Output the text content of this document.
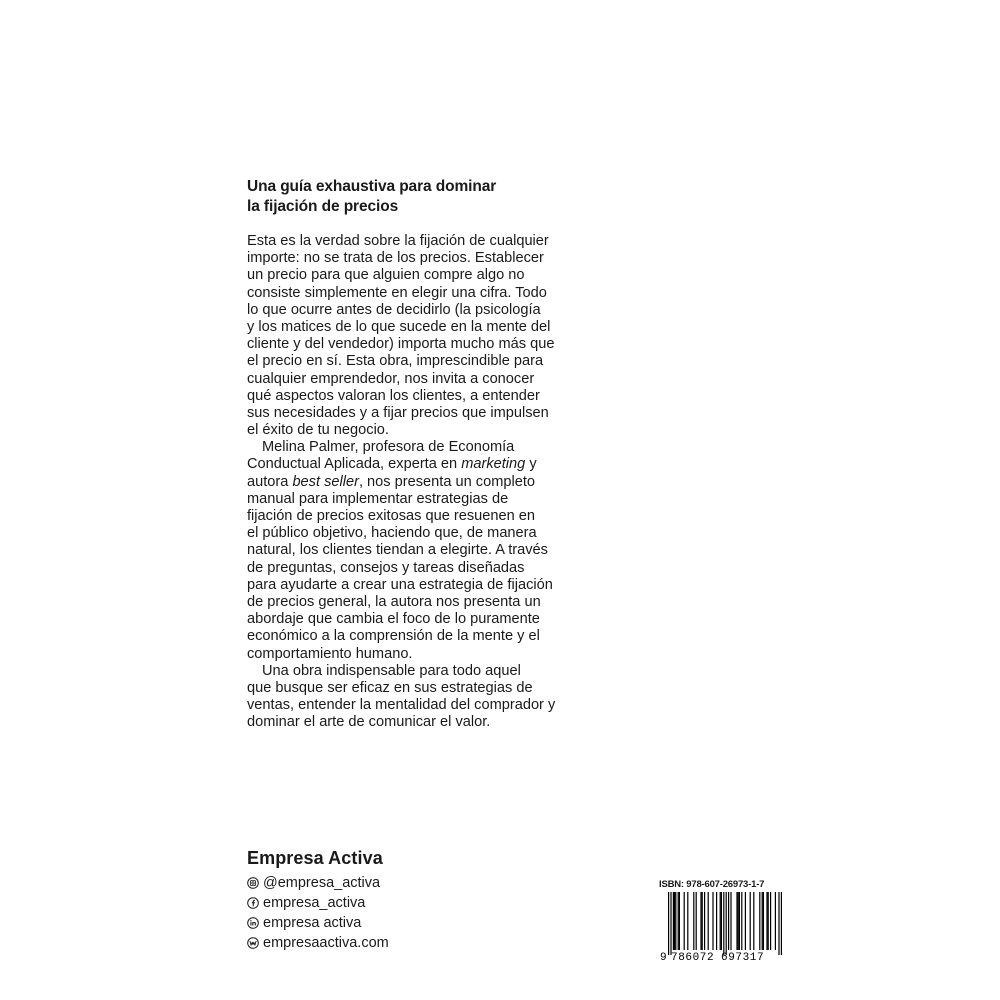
Una guía exhaustiva para dominar
la fijación de precios
Esta es la verdad sobre la fijación de cualquier
importe: no se trata de los precios. Establecer
un precio para que alguien compre algo no
consiste simplemente en elegir una cifra. Todo
lo que ocurre antes de decidirlo (la psicología
y los matices de lo que sucede en la mente del
cliente y del vendedor) importa mucho más que
el precio en sí. Esta obra, imprescindible para
cualquier emprendedor, nos invita a conocer
qué aspectos valoran los clientes, a entender
sus necesidades y a fijar precios que impulsen
el éxito de tu negocio.
Melina Palmer, profesora de Economía
Conductual Aplicada, experta en marketing y
autora best seller, nos presenta un completo
manual para implementar estrategias de
fijación de precios exitosas que resuenen en
el público objetivo, haciendo que, de manera
natural, los clientes tiendan a elegirte. A través
de preguntas, consejos y tareas diseñadas
para ayudarte a crear una estrategia de fijación
de precios general, la autora nos presenta un
abordaje que cambia el foco de lo puramente
económico a la comprensión de la mente y el
comportamiento humano.
Una obra indispensable para todo aquel
que busque ser eficaz en sus estrategias de
ventas, entender la mentalidad del comprador y
dominar el arte de comunicar el valor.
Empresa Activa
@empresa_activa
empresa_activa
empresa activa
empresaactiva.com
ISBN: 978-607-26973-1-7
9 786072 697317
